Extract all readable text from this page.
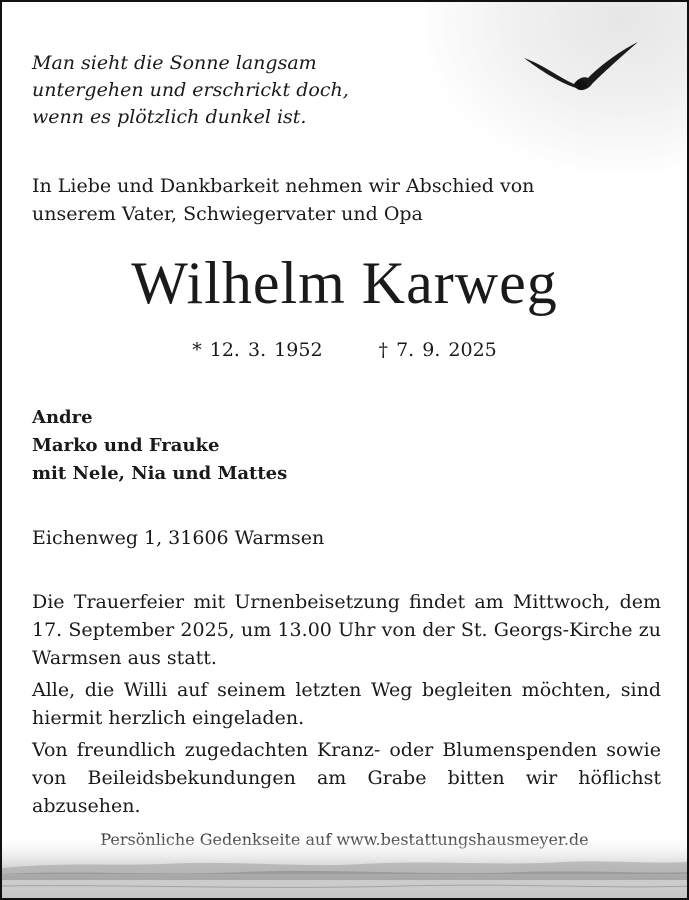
Man sieht die Sonne langsam
untergehen und erschrickt doch,
wenn es plötzlich dunkel ist.
In Liebe und Dankbarkeit nehmen wir Abschied von
unserem Vater, Schwiegervater und Opa
Wilhelm Karweg
* 12. 3. 1952	† 7. 9. 2025
Andre
Marko und Frauke
mit Nele, Nia und Mattes
Eichenweg 1, 31606 Warmsen
Die Trauerfeier mit Urnenbeisetzung findet am Mittwoch, dem 17. September 2025, um 13.00 Uhr von der St. Georgs-Kirche zu Warmsen aus statt.
Alle, die Willi auf seinem letzten Weg begleiten möchten, sind hiermit herzlich eingeladen.
Von freundlich zugedachten Kranz- oder Blumenspenden sowie von Beileidsbekundungen am Grabe bitten wir höflichst abzusehen.
